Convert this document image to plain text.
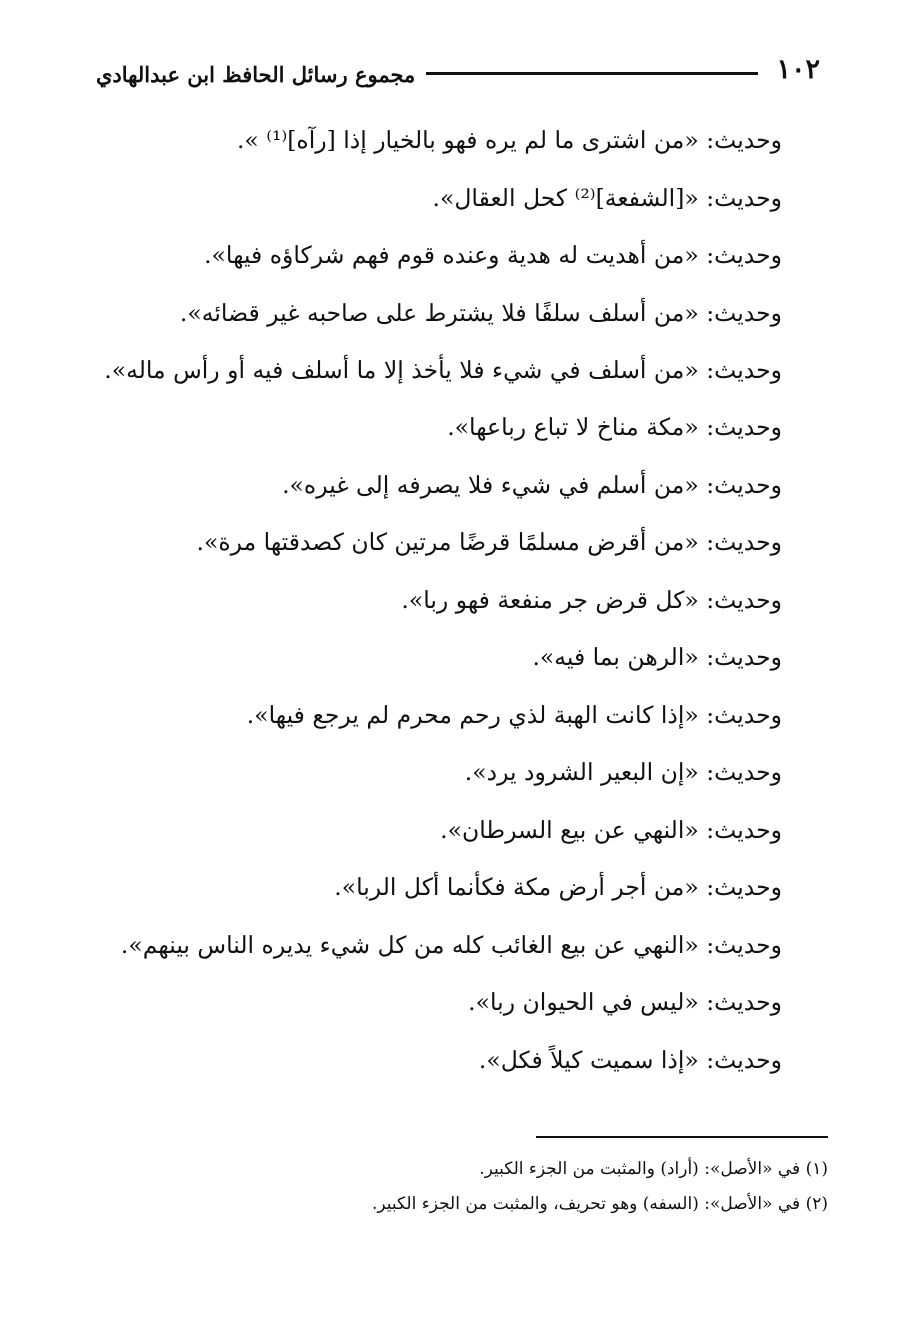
١٠٢
مجموع رسائل الحافظ ابن عبدالهادي
وحديث: «من اشترى ما لم يره فهو بالخيار إذا [رآه]⁽¹⁾ ».
وحديث: «[الشفعة]⁽²⁾ كحل العقال».
وحديث: «من أهديت له هدية وعنده قوم فهم شركاؤه فيها».
وحديث: «من أسلف سلفًا فلا يشترط على صاحبه غير قضائه».
وحديث: «من أسلف في شيء فلا يأخذ إلا ما أسلف فيه أو رأس ماله».
وحديث: «مكة مناخ لا تباع رباعها».
وحديث: «من أسلم في شيء فلا يصرفه إلى غيره».
وحديث: «من أقرض مسلمًا قرضًا مرتين كان كصدقتها مرة».
وحديث: «كل قرض جر منفعة فهو ربا».
وحديث: «الرهن بما فيه».
وحديث: «إذا كانت الهبة لذي رحم محرم لم يرجع فيها».
وحديث: «إن البعير الشرود يرد».
وحديث: «النهي عن بيع السرطان».
وحديث: «من أجر أرض مكة فكأنما أكل الربا».
وحديث: «النهي عن بيع الغائب كله من كل شيء يديره الناس بينهم».
وحديث: «ليس في الحيوان ربا».
وحديث: «إذا سميت كيلاً فكل».
(١) في «الأصل»: (أراد) والمثبت من الجزء الكبير.
(٢) في «الأصل»: (السفه) وهو تحريف، والمثبت من الجزء الكبير.
